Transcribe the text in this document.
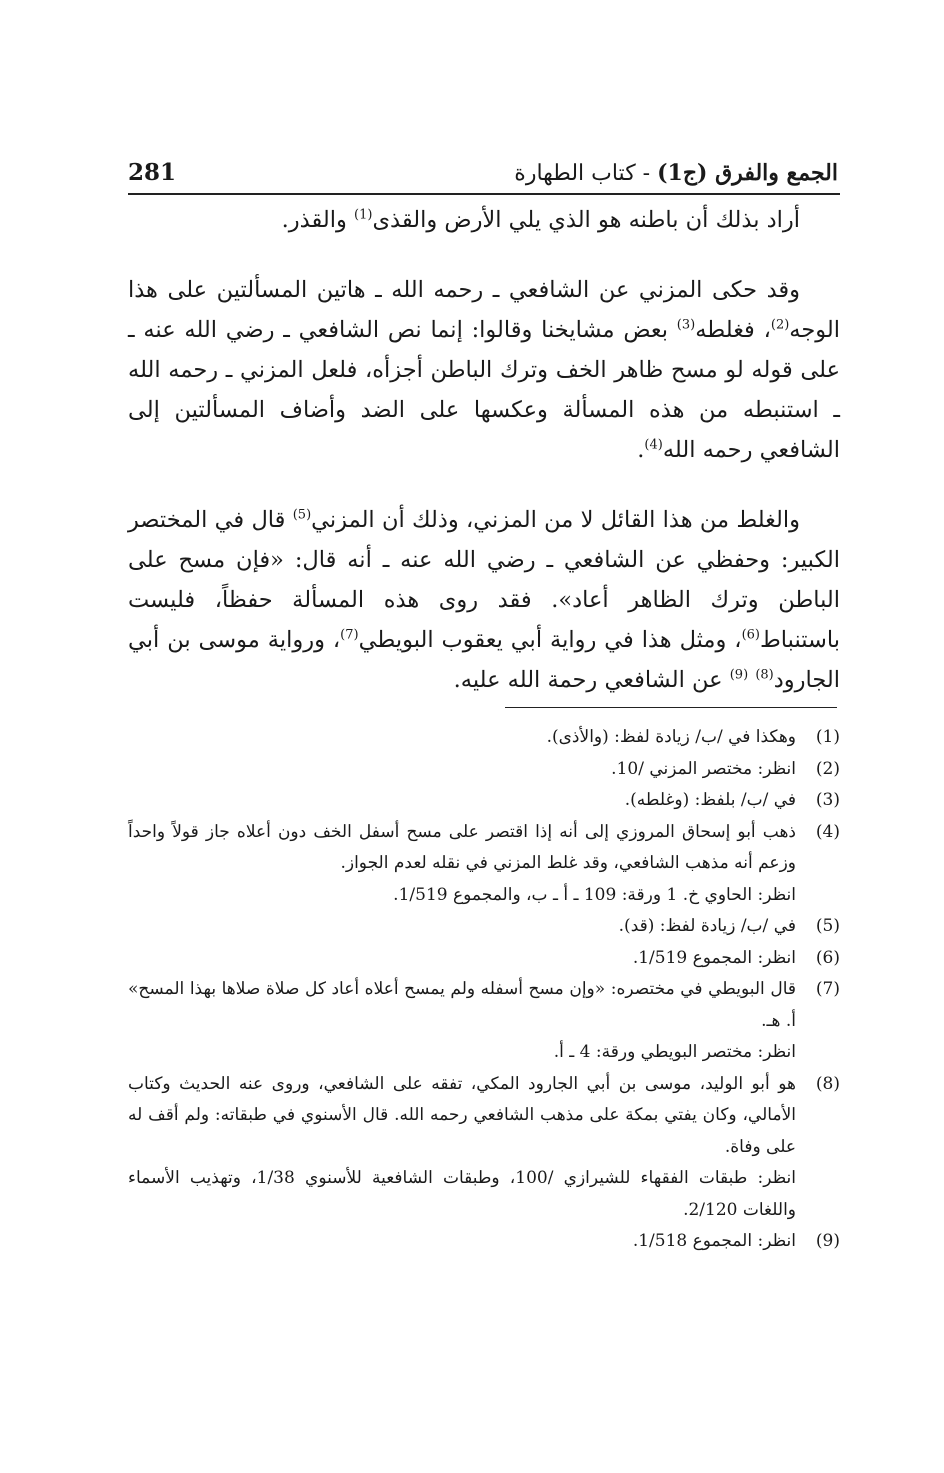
الجمع والفرق (ج1) - كتاب الطهارة
281

أراد بذلك أن باطنه هو الذي يلي الأرض والقذى$^{(1)}$ والقذر.

وقد حكى المزني عن الشافعي ـ رحمه الله ـ هاتين المسألتين على هذا الوجه$^{(2)}$، فغلطه$^{(3)}$ بعض مشايخنا وقالوا: إنما نص الشافعي ـ رضي الله عنه ـ على قوله لو مسح ظاهر الخف وترك الباطن أجزأه، فلعل المزني ـ رحمه الله ـ استنبطه من هذه المسألة وعكسها على الضد وأضاف المسألتين إلى الشافعي رحمه الله$^{(4)}$.

والغلط من هذا القائل لا من المزني، وذلك أن المزني$^{(5)}$ قال في المختصر الكبير: وحفظي عن الشافعي ـ رضي الله عنه ـ أنه قال: «فإن مسح على الباطن وترك الظاهر أعاد». فقد روى هذه المسألة حفظاً، فليست باستنباط$^{(6)}$، ومثل هذا في رواية أبي يعقوب البويطي$^{(7)}$، ورواية موسى بن أبي الجارود$^{(8)}$ $^{(9)}$ عن الشافعي رحمة الله عليه.

(1)
وهكذا في /ب/ زيادة لفظ: (والأذى).
(2)
انظر: مختصر المزني /10.
(3)
في /ب/ بلفظ: (وغلطه).
(4)
ذهب أبو إسحاق المروزي إلى أنه إذا اقتصر على مسح أسفل الخف دون أعلاه جاز قولاً واحداً وزعم أنه مذهب الشافعي، وقد غلط المزني في نقله لعدم الجواز.
انظر: الحاوي خ. 1 ورقة: 109 ـ أ ـ ب، والمجموع 1/519.
(5)
في /ب/ زيادة لفظ: (قد).
(6)
انظر: المجموع 1/519.
(7)
قال البويطي في مختصره: «وإن مسح أسفله ولم يمسح أعلاه أعاد كل صلاة صلاها بهذا المسح» أ. هـ.
انظر: مختصر البويطي ورقة: 4 ـ أ.
(8)
هو أبو الوليد، موسى بن أبي الجارود المكي، تفقه على الشافعي، وروى عنه الحديث وكتاب الأمالي، وكان يفتي بمكة على مذهب الشافعي رحمه الله. قال الأسنوي في طبقاته: ولم أقف له على وفاة.
انظر: طبقات الفقهاء للشيرازي /100، وطبقات الشافعية للأسنوي 1/38، وتهذيب الأسماء واللغات 2/120.
(9)
انظر: المجموع 1/518.
